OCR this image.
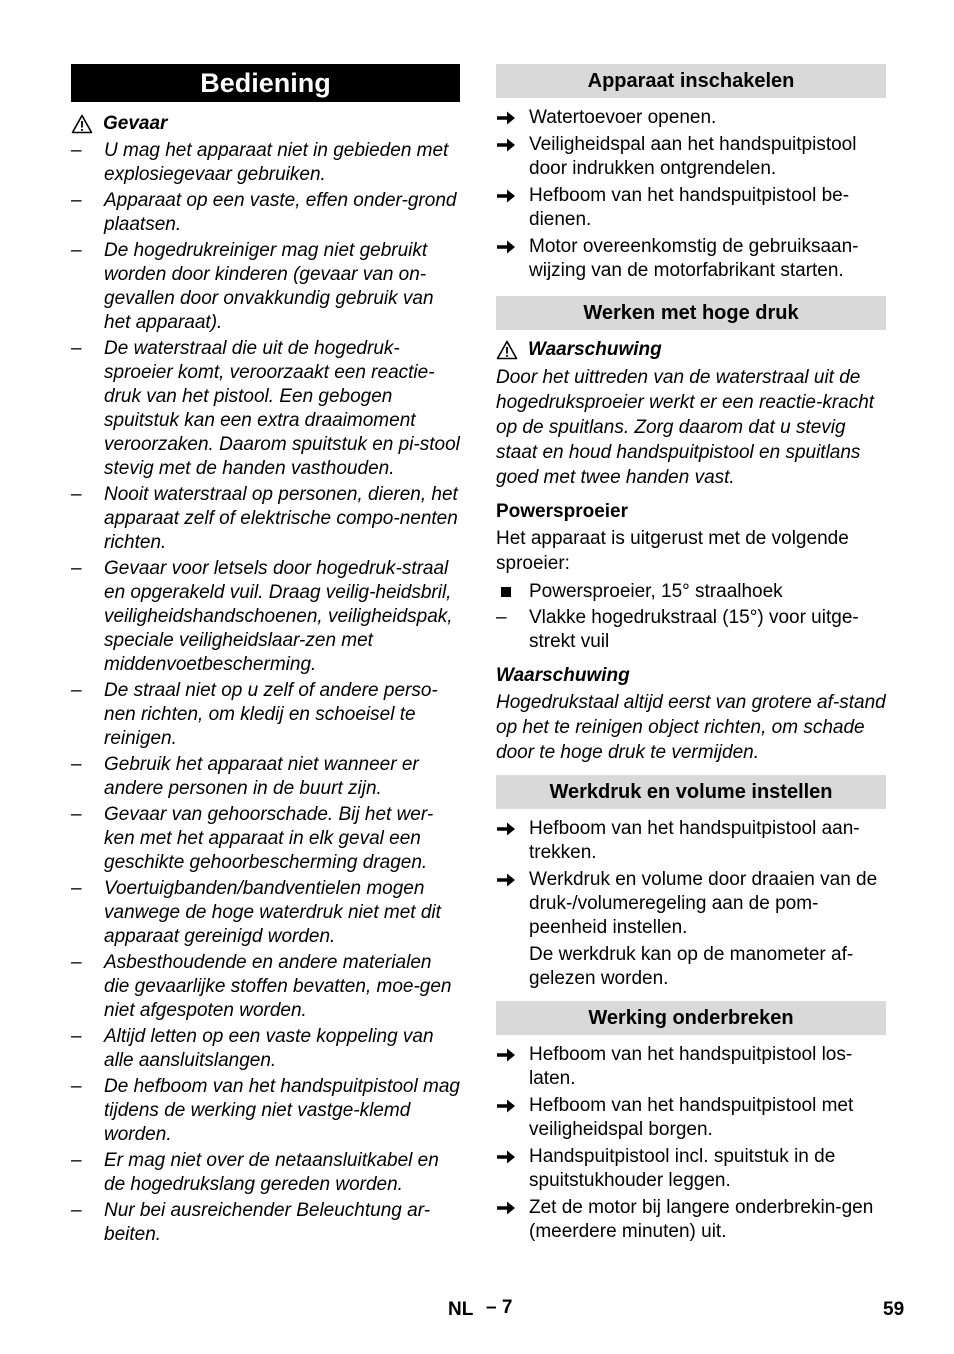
Bediening
Gevaar
– U mag het apparaat niet in gebieden met explosiegevaar gebruiken.
– Apparaat op een vaste, effen onder-grond plaatsen.
– De hogedrukreiniger mag niet gebruikt worden door kinderen (gevaar van on-gevallen door onvakkundig gebruik van het apparaat).
– De waterstraal die uit de hogedruk-sproeier komt, veroorzaakt een reactie-druk van het pistool. Een gebogen spuitstuk kan een extra draaimoment veroorzaken. Daarom spuitstuk en pi-stool stevig met de handen vasthouden.
– Nooit waterstraal op personen, dieren, het apparaat zelf of elektrische compo-nenten richten.
– Gevaar voor letsels door hogedruk-straal en opgerakeld vuil. Draag veilig-heidsbril, veiligheidshandschoenen, veiligheidspak, speciale veiligheidslaar-zen met middenvoetbescherming.
– De straal niet op u zelf of andere perso-nen richten, om kledij en schoeisel te reinigen.
– Gebruik het apparaat niet wanneer er andere personen in de buurt zijn.
– Gevaar van gehoorschade. Bij het wer-ken met het apparaat in elk geval een geschikte gehoorbescherming dragen.
– Voertuigbanden/bandventielen mogen vanwege de hoge waterdruk niet met dit apparaat gereinigd worden.
– Asbesthoudende en andere materialen die gevaarlijke stoffen bevatten, moe-gen niet afgespoten worden.
– Altijd letten op een vaste koppeling van alle aansluitslangen.
– De hefboom van het handspuitpistool mag tijdens de werking niet vastge-klemd worden.
– Er mag niet over de netaansluitkabel en de hogedrukslang gereden worden.
– Nur bei ausreichender Beleuchtung ar-beiten.
Apparaat inschakelen
Watertoevoer openen.
Veiligheidspal aan het handspuitpistool door indrukken ontgrendelen.
Hefboom van het handspuitpistool be-dienen.
Motor overeenkomstig de gebruiksaan-wijzing van de motorfabrikant starten.
Werken met hoge druk
Waarschuwing

Door het uittreden van de waterstraal uit de hogedruksproeier werkt er een reactie-kracht op de spuitlans. Zorg daarom dat u stevig staat en houd handspuitpistool en spuitlans goed met twee handen vast.

Powersproeier

Het apparaat is uitgerust met de volgende sproeier:

Powersproeier, 15° straalhoek
– Vlakke hogedrukstraal (15°) voor uitge-strekt vuil
Waarschuwing

Hogedrukstaal altijd eerst van grotere af-stand op het te reinigen object richten, om schade door te hoge druk te vermijden.

Werkdruk en volume instellen
Hefboom van het handspuitpistool aan-trekken.
Werkdruk en volume door draaien van de druk-/volumeregeling aan de pom-peenheid instellen.

De werkdruk kan op de manometer af-gelezen worden.

Werking onderbreken
Hefboom van het handspuitpistool los-laten.
Hefboom van het handspuitpistool met veiligheidspal borgen.
Handspuitpistool incl. spuitstuk in de spuitstukhouder leggen.
Zet de motor bij langere onderbrekin-gen (meerdere minuten) uit.
NL – 7	59
